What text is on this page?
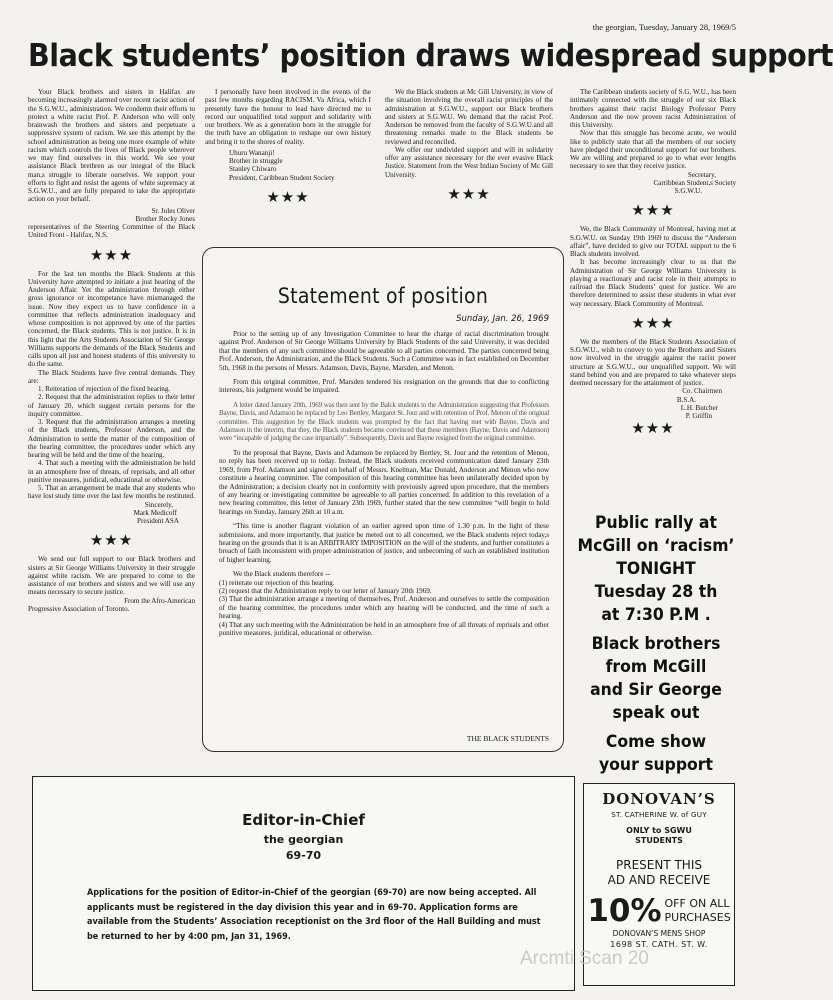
the georgian, Tuesday, January 28, 1969/5
Black students’ position draws widespread support

Your Black brothers and sisters in Halifax are becoming increasingly alarmed over recent racist action of the S.G.W.U., administration. We condemn their efforts to protect a white racist Prof. P. Anderson who will only brainwash the brothers and sisters and perpetuate a suppressive system of racism. We see this attempt by the school administration as being one more example of white racism which controls the lives of Black people wherever we may find ourselves in this world. We see your assistance Black brethren as our integral of the Black man,s struggle to liberate ourselves. We support your efforts to fight and resist the agents of white supremacy at S.G.W.U., and are fully prepared to take the appropriate action on your behalf.

Sr. Jules Oliver
Brother Rocky Jones
representatives of the Steering Committee of the Black United Front - Halifax, N.S.
★★★

For the last ten months the Black Students at this University have attempted to initiate a just hearing of the Anderson Affair. Yet the administration through either gross ignorance or incompetance have mismanaged the issue. Now they expect us to have confidence in a committee that reflects administration inadequacy and whose composition is not approved by one of the parties concerned, the Black students. This is not justice. It is in this light that the Arts Students Association of Sir George Williams supports the demands of the Black Students and calls upon all just and honest students of this university to do the same.

The Black Students have five central demands. They are:

1. Reiteration of rejection of the fixed hearing.

2. Request that the administration replies to their letter of January 20, which suggest certain persons for the inquiry committee.

3. Request that the administration arranges a meeting of the Black students, Professor Anderson, and the Administration to settle the matter of the composition of the hearing committee, the procedures under which any hearing will be held and the time of the hearing.

4. That such a meeting with the administration be held in an atmosphere free of threats, of reprisals, and all other punitive measures, juridical, educational or otherwise.

5. That an arrangement be made that any students who have lost study time over the last few months be restituted.

Sincerely,
Mark Medicoff
President ASA
★★★

We send our full support to our Black brothers and sisters at Sir George Williams University in their struggle against white racism. We are prepared to come to the assistance of our brothers and sisters and we will use any means necessary to secure justice.

From the Afro-American
Progressive Association of Toronto.

I personally have been involved in the events of the past few months regarding RACISM. Va Africa, which I presently have the honour to lead have directed me to record our unqualified total support and solidarity with our brothers. We as a generation born in the struggle for the truth have an obligation to reshape our own history and bring it to the shores of reality.

Uhuru Wananji!
Brother in struggle
Stanley Chiwaro
President, Caribbean Student Society
★★★

We the Black students at Mc Gill University, in view of the situation involving the overall racist principles of the administration at S.G.W.U., support our Black brothers and sisters at S.G.W.U. We demand that the racist Prof. Anderson be removed from the faculty of S.G.W.U.and all threatening remarks made to the Black students be reviewed and reconciled.

We offer our undivided support and will in solidarity offer any assistance necessary for the ever evasive Black Justice. Statement from the West Indian Society of Mc Gill University.

★★★

The Caribbean students society of S.G. W.U., has been intimately connected with the struggle of our six Black brothers against their racist Biology Professor Perry Anderson and the now proven racist Administration of this University.

Now that this struggle has become acute, we would like to publicly state that all the members of our society have pledged their unconditional support for our brothers. We are willing and prepared to go to what ever lengths necessary to see that they receive justice.

Secretary,
Carribbean Student,s Society
S.G.W.U.
★★★

We, the Black Community of Montreal, having met at S.G.W.U. on Sunday 19th 1969 to discuss the “Anderson affair”, have decided to give our TOTAL support to the 6 Black students involved.

It has become increasingly clear to us that the Administration of Sir George Williams University is playing a reactionary and racist role in their attempts to railroad the Black Students’ quest for justice. We are therefore determined to assist these students in what ever way necessary. Black Community of Montreal.

★★★

We the members of the Black Students Association of S.G.W.U., wish to convey to you the Brothers and Sisters now involved in the struggle against the racist power structure at S.G.W.U., our unqualified support. We will stand behind you and are prepared to take whatever steps deemed necessary for the attainment of justice.

Co. Chairmen
B.S.A.
L.H. Butcher
P. Griffin
★★★
Statement of position
Sunday, Jan. 26, 1969

Prior to the setting up of any Investigation Committee to hear the charge of racial discrimination brought against Prof. Anderson of Sir George Williams University by Black Students of the said University, it was decided that the members of any such committee should be agreeable to all parties concerned. The parties concerned being Prof. Anderson, the Administration, and the Black Students. Such a Committee was in fact established on December 5th, 1968 in the persons of Messrs. Adamson, Davis, Bayne, Marsden, and Menon.

From this original committee, Prof. Marsden tendered his resignation on the grounds that due to conflicting interests, his judgment would be impaired.

A letter dated January 20th, 1969 was then sent by the Balck students to the Administration suggesting that Professors Bayne, Davis, and Adamson be replaced by Leo Bertley, Margaret St. Jour and with retention of Prof. Menon of the original committee. This suggestion by the Black students was prompted by the fact that having met with Bayne, Davis and Adamson in the interim, that they, the Black students became convinced that these members (Bayne, Davis and Adamson) were “incapable of judging the case impartially”. Subsequently, Davis and Bayne resigned from the original committee.

To the proposal that Bayne, Davis and Adamson be replaced by Bertley, St. Jour and the retention of Menon, no reply has been received up to today. Instead, the Black students received communication dated January 23th 1969, from Prof. Adamson and signed on behalf of Messrs. Knelman, Mac Donald, Anderson and Menon who now constitute a hearing committee. The composition of this hearing committee has been unilaterally decided upon by the Administration; a decision clearly not in conformity with previously agreed upon procedure, that the members of any hearing or investigating committee be agreeable to all parties concerned. In addition to this revelation of a new hearing committee, this letter of January 23th 1969, further stated that the new committee “will begin to hold hearings on Sunday, January 26th at 10 a.m.

“This time is another flagrant violation of an earlier agreed upon time of 1.30 p.m. In the light of these submissions, and more importantly, that justice be meted out to all concerned, we the Black students reject today,s hearing on the grounds that it is an ARBITRARY IMPOSITION on the will of the students, and further constitutes a breach of faith inconsistent with proper administration of justice, and unbecoming of such an established institution of higher learning.

We the Black students therefore --

(1) reiterate our rejection of this hearing.

(2) request that the Administration reply to our letter of January 20th 1969.

(3) That the administration arrange a meeting of themselves, Prof. Anderson and ourselves to settle the composition of the hearing committee, the procedures under which any hearing will be conducted, and the time of such a hearing.

(4) That any such meeting with the Administration be held in an atmosphere free of all threats of reprisals and other punitive measures, juridical, educational or otherwise.

THE BLACK STUDENTS
Public rally at
McGill on ‘racism’
TONIGHT
Tuesday 28 th
at 7:30 P.M .
Black brothers
from McGill
and Sir George
speak out
Come show
your support
Editor-in-Chief
the georgian
69-70
Applications for the position of Editor-in-Chief of the georgian (69-70) are now being accepted. All applicants must be registered in the day division this year and in 69-70. Application forms are available from the Students’ Association receptionist on the 3rd floor of the Hall Building and must be returned to her by 4:00 pm, Jan 31, 1969.
DONOVAN’S
ST. CATHERINE W. of GUY
ONLY to SGWU
STUDENTS
PRESENT THIS
AD AND RECEIVE
10% OFF ON ALL
PURCHASES
DONOVAN’S MENS SHOP
1698 ST. CATH. ST. W.
Arcmti Scan 20
